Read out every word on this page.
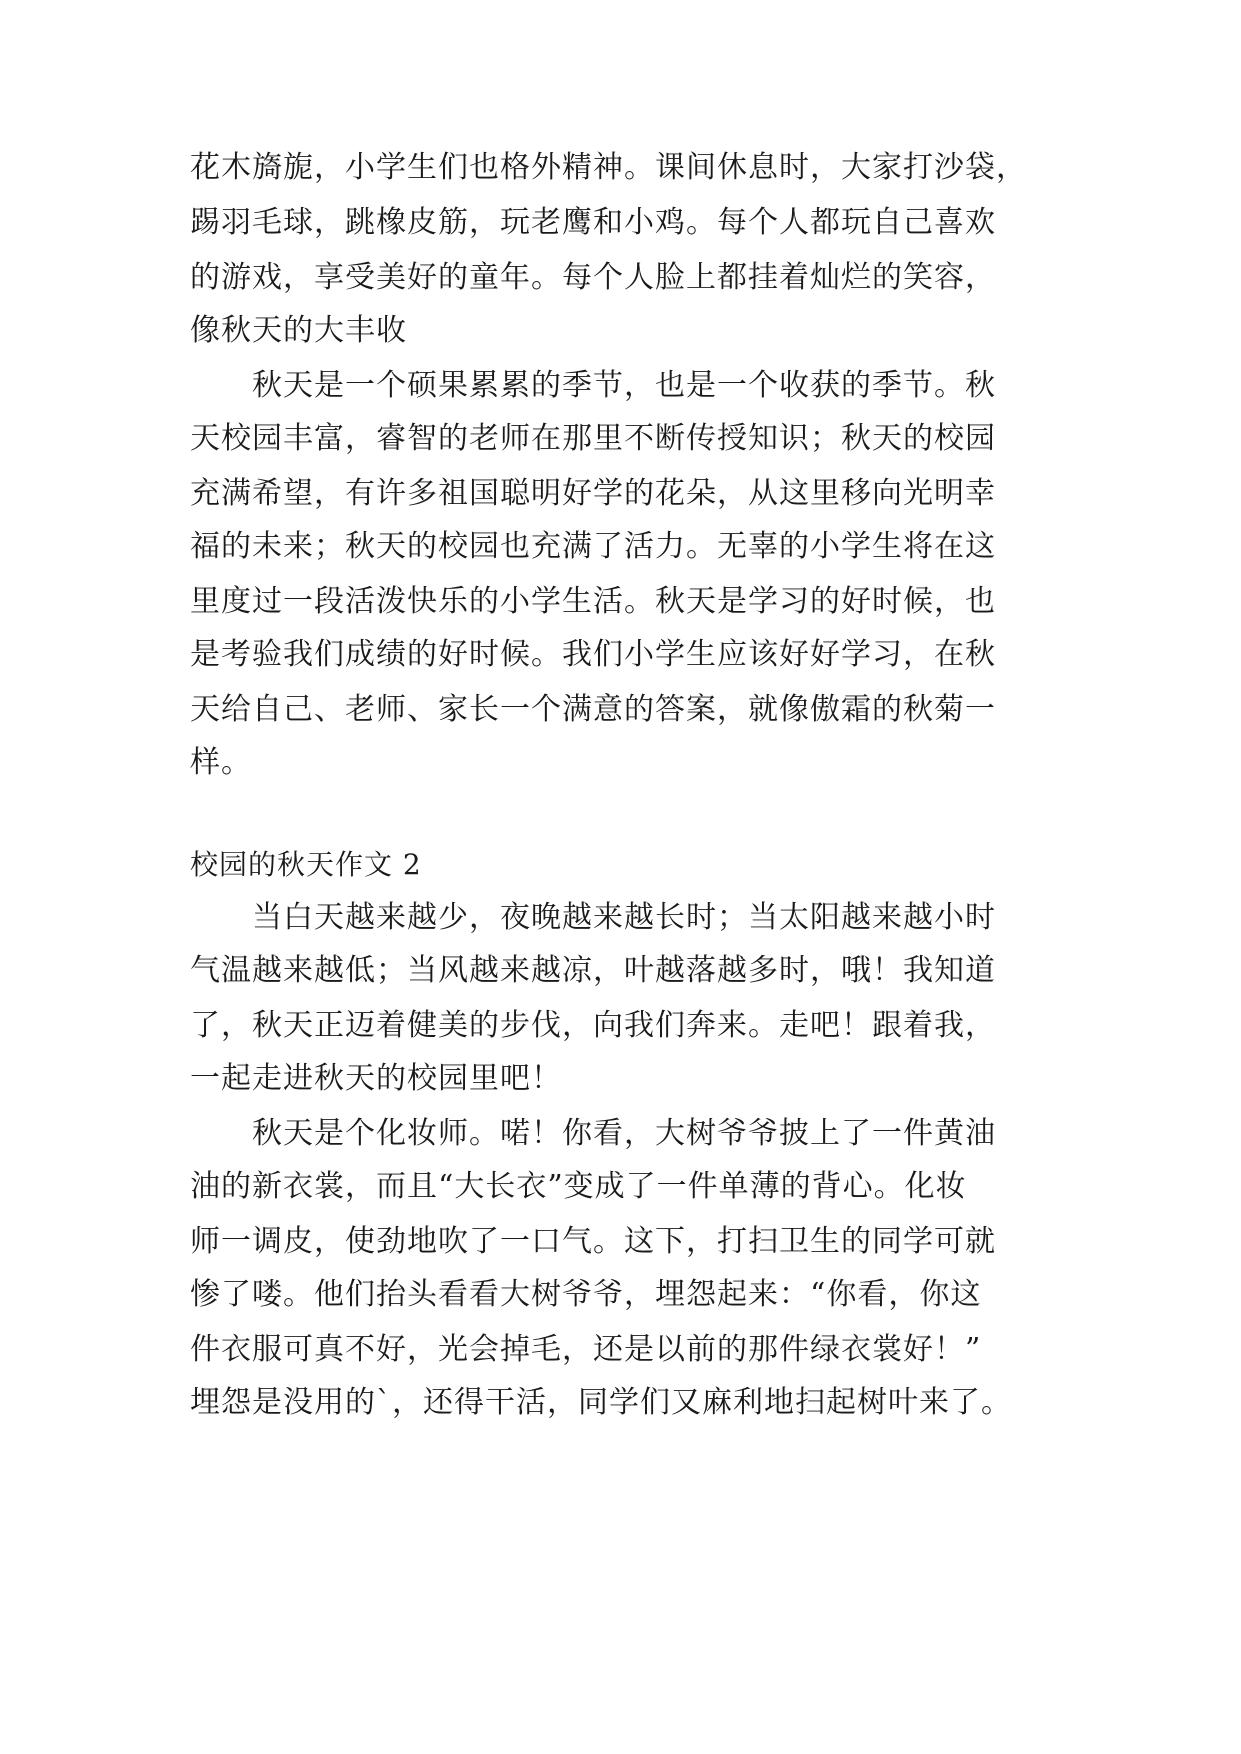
花木旖旎，小学生们也格外精神。课间休息时，大家打沙袋，
踢羽毛球，跳橡皮筋，玩老鹰和小鸡。每个人都玩自己喜欢
的游戏，享受美好的童年。每个人脸上都挂着灿烂的笑容，
像秋天的大丰收
　　秋天是一个硕果累累的季节，也是一个收获的季节。秋
天校园丰富，睿智的老师在那里不断传授知识；秋天的校园
充满希望，有许多祖国聪明好学的花朵，从这里移向光明幸
福的未来；秋天的校园也充满了活力。无辜的小学生将在这
里度过一段活泼快乐的小学生活。秋天是学习的好时候，也
是考验我们成绩的好时候。我们小学生应该好好学习，在秋
天给自己、老师、家长一个满意的答案，就像傲霜的秋菊一
样。
校园的秋天作文 2
　　当白天越来越少，夜晚越来越长时；当太阳越来越小时
气温越来越低；当风越来越凉，叶越落越多时，哦！我知道
了，秋天正迈着健美的步伐，向我们奔来。走吧！跟着我，
一起走进秋天的校园里吧！
　　秋天是个化妆师。喏！你看，大树爷爷披上了一件黄油
油的新衣裳，而且“大长衣”变成了一件单薄的背心。化妆
师一调皮，使劲地吹了一口气。这下，打扫卫生的同学可就
惨了喽。他们抬头看看大树爷爷，埋怨起来：“你看，你这
件衣服可真不好，光会掉毛，还是以前的那件绿衣裳好！”
埋怨是没用的`，还得干活，同学们又麻利地扫起树叶来了。
